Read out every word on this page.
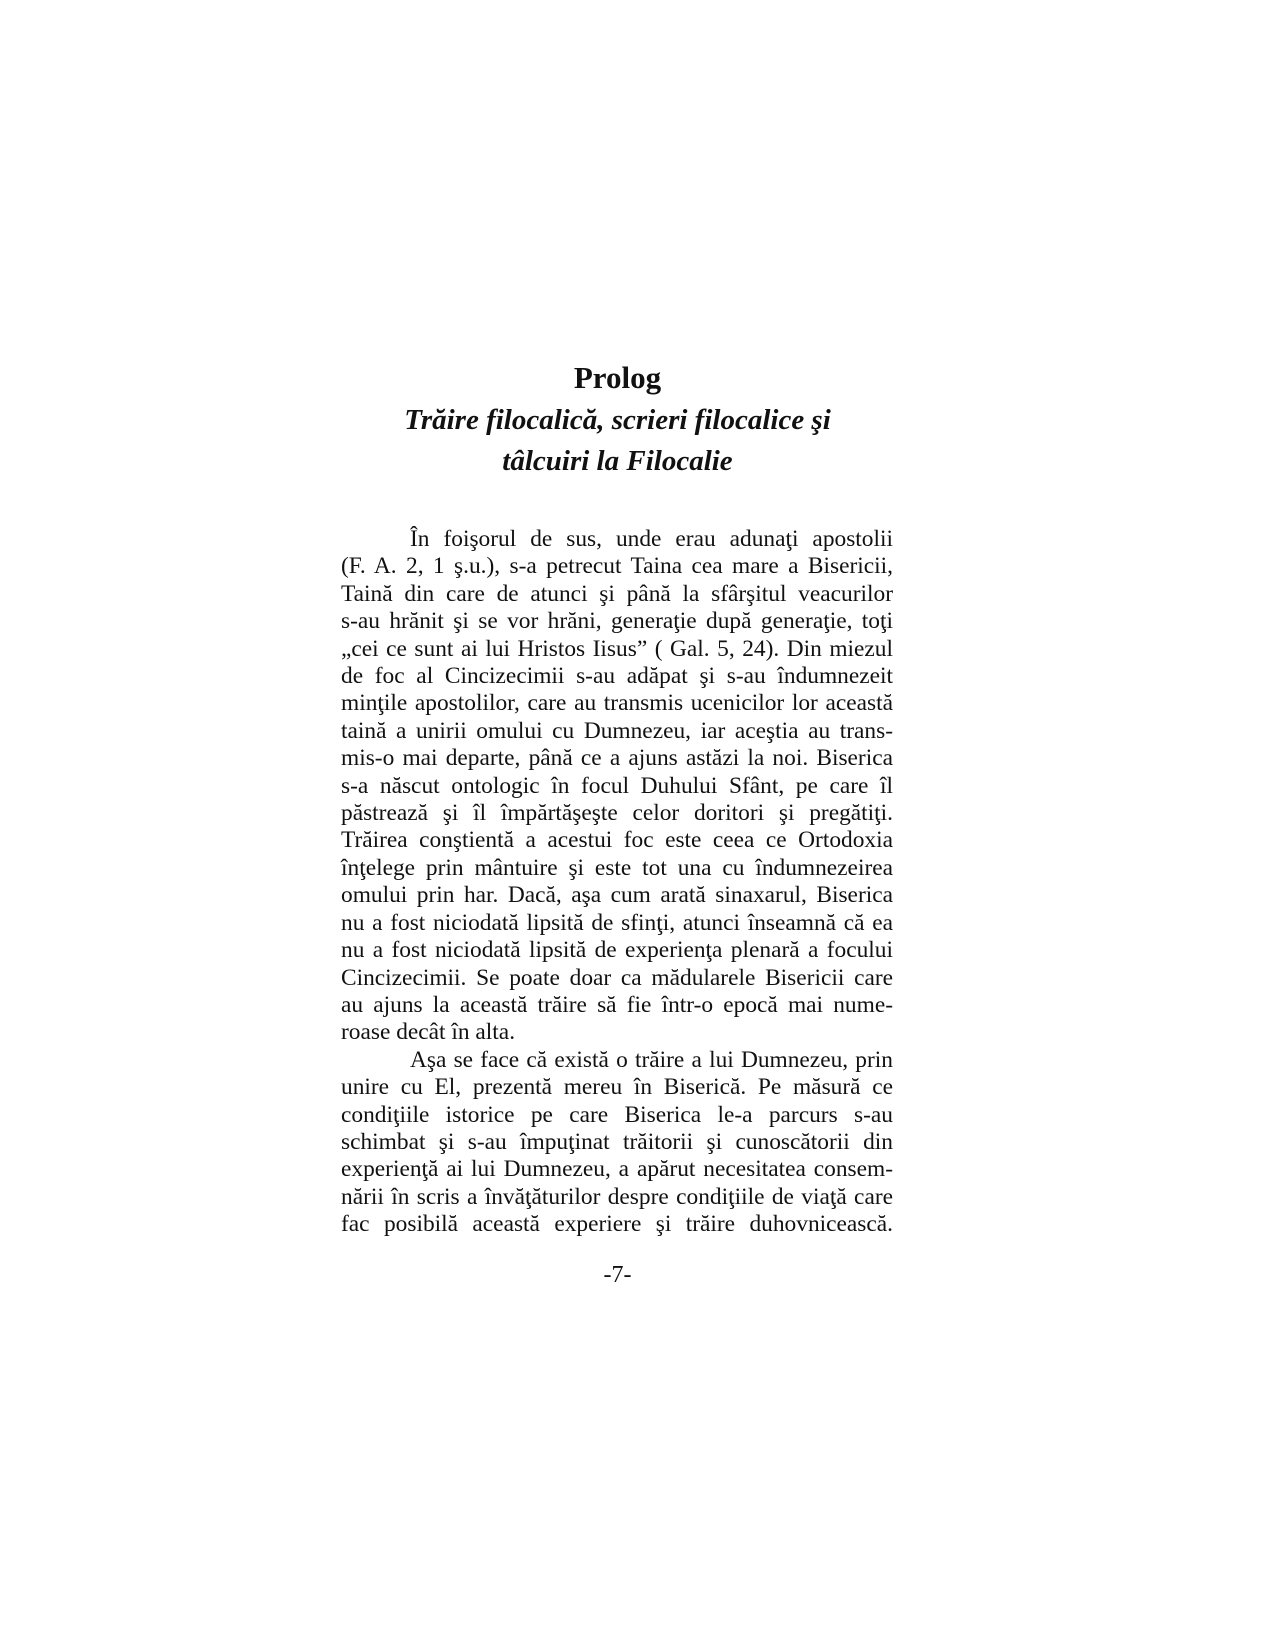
Prolog
Trăire filocalică, scrieri filocalice şi
tâlcuiri la Filocalie
În foişorul de sus, unde erau adunaţi apostolii
(F. A. 2, 1 ş.u.), s-a petrecut Taina cea mare a Bisericii,
Taină din care de atunci şi până la sfârşitul veacurilor
s-au hrănit şi se vor hrăni, generaţie după generaţie, toţi
„cei ce sunt ai lui Hristos Iisus” ( Gal. 5, 24). Din miezul
de foc al Cincizecimii s-au adăpat şi s-au îndumnezeit
minţile apostolilor, care au transmis ucenicilor lor această
taină a unirii omului cu Dumnezeu, iar aceştia au trans-
mis-o mai departe, până ce a ajuns astăzi la noi. Biserica
s-a născut ontologic în focul Duhului Sfânt, pe care îl
păstrează şi îl împărtăşeşte celor doritori şi pregătiţi.
Trăirea conştientă a acestui foc este ceea ce Ortodoxia
înţelege prin mântuire şi este tot una cu îndumnezeirea
omului prin har. Dacă, aşa cum arată sinaxarul, Biserica
nu a fost niciodată lipsită de sfinţi, atunci înseamnă că ea
nu a fost niciodată lipsită de experienţa plenară a focului
Cincizecimii. Se poate doar ca mădularele Bisericii care
au ajuns la această trăire să fie într-o epocă mai nume-
roase decât în alta.
Aşa se face că există o trăire a lui Dumnezeu, prin
unire cu El, prezentă mereu în Biserică. Pe măsură ce
condiţiile istorice pe care Biserica le-a parcurs s-au
schimbat şi s-au împuţinat trăitorii şi cunoscătorii din
experienţă ai lui Dumnezeu, a apărut necesitatea consem-
nării în scris a învăţăturilor despre condiţiile de viaţă care
fac posibilă această experiere şi trăire duhovnicească.
-7-
